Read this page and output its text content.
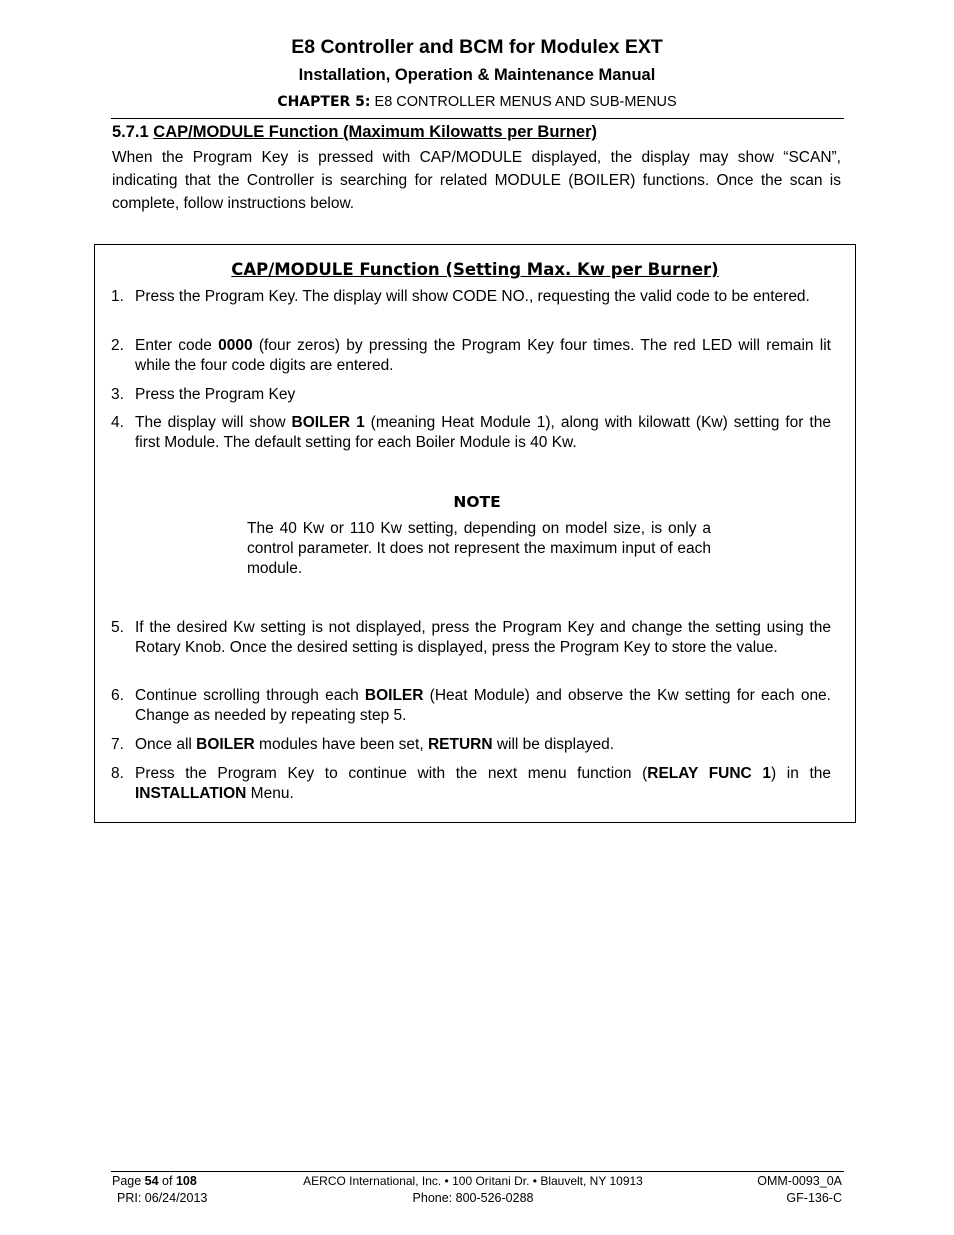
E8 Controller and BCM for Modulex EXT
Installation, Operation & Maintenance Manual
CHAPTER 5: E8 CONTROLLER MENUS AND SUB-MENUS
5.7.1 CAP/MODULE Function (Maximum Kilowatts per Burner)

When the Program Key is pressed with CAP/MODULE displayed, the display may show “SCAN”, indicating that the Controller is searching for related MODULE (BOILER) functions. Once the scan is complete, follow instructions below.

CAP/MODULE Function (Setting Max. Kw per Burner)
1. Press the Program Key. The display will show CODE NO., requesting the valid code to be entered.
2. Enter code 0000 (four zeros) by pressing the Program Key four times. The red LED will remain lit while the four code digits are entered.
3. Press the Program Key
4. The display will show BOILER 1 (meaning Heat Module 1), along with kilowatt (Kw) setting for the first Module. The default setting for each Boiler Module is 40 Kw.
NOTE
The 40 Kw or 110 Kw setting, depending on model size, is only a control parameter. It does not represent the maximum input of each module.
5. If the desired Kw setting is not displayed, press the Program Key and change the setting using the Rotary Knob. Once the desired setting is displayed, press the Program Key to store the value.
6. Continue scrolling through each BOILER (Heat Module) and observe the Kw setting for each one. Change as needed by repeating step 5.
7. Once all BOILER modules have been set, RETURN will be displayed.
8. Press the Program Key to continue with the next menu function (RELAY FUNC 1) in the INSTALLATION Menu.
Page 54 of 108
PRI: 06/24/2013
AERCO International, Inc. • 100 Oritani Dr. • Blauvelt, NY 10913
Phone: 800-526-0288
OMM-0093_0A
GF-136-C
